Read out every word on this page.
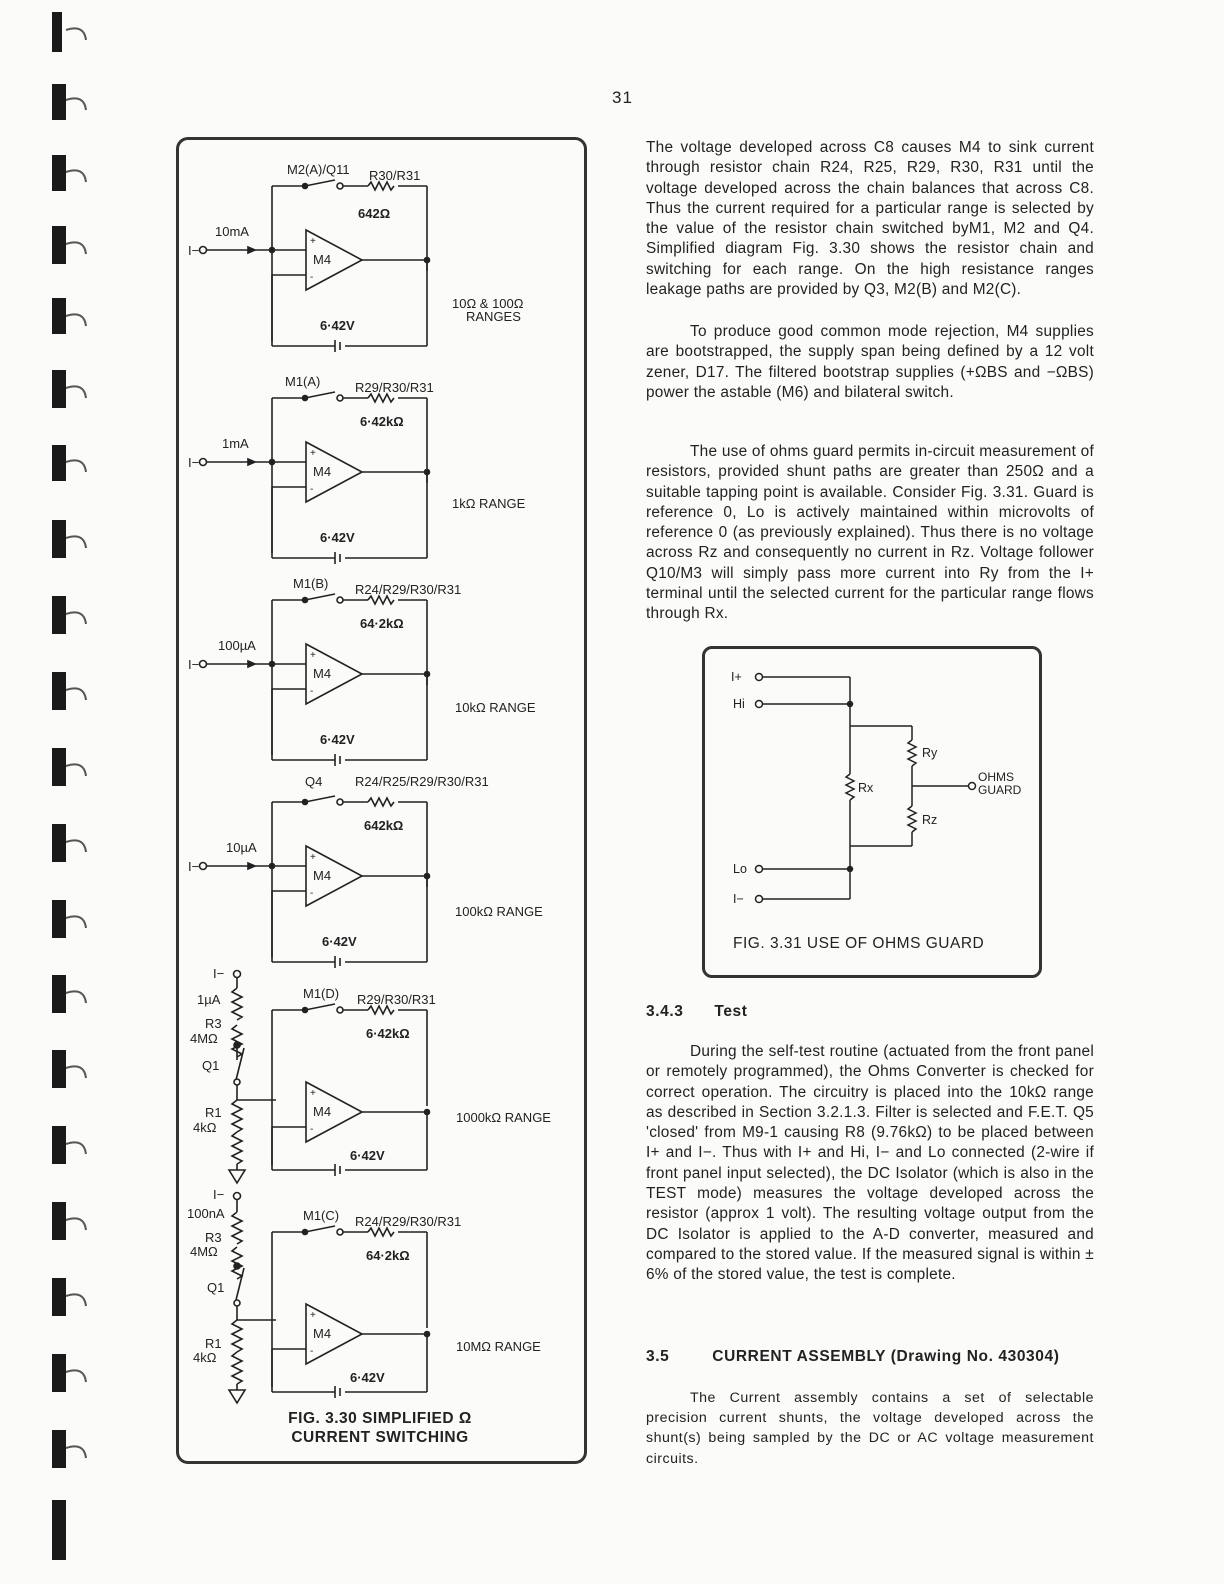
31
M2(A)/Q11 R30/R31
642Ω
10mA
I−
M4
+
-
6·42V
10Ω & 100Ω
RANGES
M1(A)	R29/R30/R31
6·42kΩ
1mA
I−
M4
+
-
6·42V
1kΩ RANGE
M1(B) R24/R29/R30/R31
64·2kΩ
100µA
I−
M4
+
-
6·42V
10kΩ RANGE
Q4	R24/R25/R29/R30/R31
642kΩ
10µA
I−
M4
+
-
6·42V
100kΩ RANGE
M1(D) R29/R30/R31
6·42kΩ
M4
+
-
6·42V
1000kΩ RANGE
M1(C) R24/R29/R30/R31
64·2kΩ
M4
+
-
6·42V
10MΩ RANGE
I−
1µA
R3
4MΩ
Q1
R1
4kΩ
I−
100nA
R3
4MΩ
Q1
R1
4kΩ
FIG. 3.30 SIMPLIFIED Ω
CURRENT SWITCHING

The voltage developed across C8 causes M4 to sink current through resistor chain R24, R25, R29, R30, R31 until the voltage developed across the chain balances that across C8. Thus the current required for a particular range is selected by the value of the resistor chain switched byM1, M2 and Q4. Simplified diagram Fig. 3.30 shows the resistor chain and switching for each range. On the high resistance ranges leakage paths are provided by Q3, M2(B) and M2(C).

To produce good common mode rejection, M4 supplies are bootstrapped, the supply span being defined by a 12 volt zener, D17. The filtered bootstrap supplies (+ΩBS and −ΩBS) power the astable (M6) and bilateral switch.

The use of ohms guard permits in-circuit measurement of resistors, provided shunt paths are greater than 250Ω and a suitable tapping point is available. Consider Fig. 3.31. Guard is reference 0, Lo is actively maintained within microvolts of reference 0 (as previously explained). Thus there is no voltage across Rz and consequently no current in Rz. Voltage follower Q10/M3 will simply pass more current into Ry from the I+ terminal until the selected current for the particular range flows through Rx.

I+
Hi
Lo
I−
Ry
Rx
Rz
OHMS
GUARD
FIG. 3.31 USE OF OHMS GUARD
3.4.3 Test

During the self-test routine (actuated from the front panel or remotely programmed), the Ohms Converter is checked for correct operation. The circuitry is placed into the 10kΩ range as described in Section 3.2.1.3. Filter is selected and F.E.T. Q5 'closed' from M9-1 causing R8 (9.76kΩ) to be placed between I+ and I−. Thus with I+ and Hi, I− and Lo connected (2-wire if front panel input selected), the DC Isolator (which is also in the TEST mode) measures the voltage developed across the resistor (approx 1 volt). The resulting voltage output from the DC Isolator is applied to the A-D converter, measured and compared to the stored value. If the measured signal is within ± 6% of the stored value, the test is complete.

3.5	CURRENT ASSEMBLY (Drawing No. 430304)

The Current assembly contains a set of selectable precision current shunts, the voltage developed across the shunt(s) being sampled by the DC or AC voltage measurement circuits.
